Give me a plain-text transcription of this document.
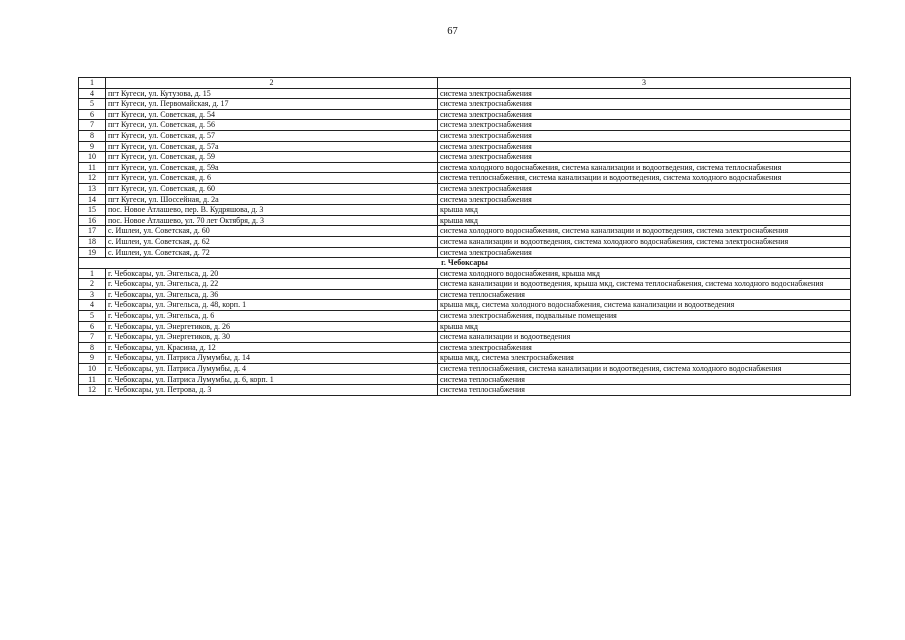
67
1	2	3
4	пгт Кугеси, ул. Кутузова, д. 15	система электроснабжения
5	пгт Кугеси, ул. Первомайская, д. 17	система электроснабжения
6	пгт Кугеси, ул. Советская, д. 54	система электроснабжения
7	пгт Кугеси, ул. Советская, д. 56	система электроснабжения
8	пгт Кугеси, ул. Советская, д. 57	система электроснабжения
9	пгт Кугеси, ул. Советская, д. 57а	система электроснабжения
10	пгт Кугеси, ул. Советская, д. 59	система электроснабжения
11	пгт Кугеси, ул. Советская, д. 59а	система холодного водоснабжения, система канализации и водоотведения, система теплоснабжения
12	пгт Кугеси, ул. Советская, д. 6	система теплоснабжения, система канализации и водоотведения, система холодного водоснабжения
13	пгт Кугеси, ул. Советская, д. 60	система электроснабжения
14	пгт Кугеси, ул. Шоссейная, д. 2а	система электроснабжения
15	пос. Новое Атлашево, пер. В. Кудряшова, д. 3	крыша мкд
16	пос. Новое Атлашево, ул. 70 лет Октября, д. 3	крыша мкд
17	с. Ишлеи, ул. Советская, д. 60	система холодного водоснабжения, система канализации и водоотведения, система электроснабжения
18	с. Ишлеи, ул. Советская, д. 62	система канализации и водоотведения, система холодного водоснабжения, система электроснабжения
19	с. Ишлеи, ул. Советская, д. 72	система электроснабжения
г. Чебоксары		
1	г. Чебоксары, ул. Энгельса, д. 20	система холодного водоснабжения, крыша мкд
2	г. Чебоксары, ул. Энгельса, д. 22	система канализации и водоотведения, крыша мкд, система теплоснабжения, система холодного водоснабжения
3	г. Чебоксары, ул. Энгельса, д. 36	система теплоснабжения
4	г. Чебоксары, ул. Энгельса, д. 48, корп. 1	крыша мкд, система холодного водоснабжения, система канализации и водоотведения
5	г. Чебоксары, ул. Энгельса, д. 6	система электроснабжения, подвальные помещения
6	г. Чебоксары, ул. Энергетиков, д. 26	крыша мкд
7	г. Чебоксары, ул. Энергетиков, д. 30	система канализации и водоотведения
8	г. Чебоксары, ул. Красина, д. 12	система электроснабжения
9	г. Чебоксары, ул. Патриса Лумумбы, д. 14	крыша мкд, система электроснабжения
10	г. Чебоксары, ул. Патриса Лумумбы, д. 4	система теплоснабжения, система канализации и водоотведения, система холодного водоснабжения
11	г. Чебоксары, ул. Патриса Лумумбы, д. 6, корп. 1	система теплоснабжения
12	г. Чебоксары, ул. Петрова, д. 3	система теплоснабжения
